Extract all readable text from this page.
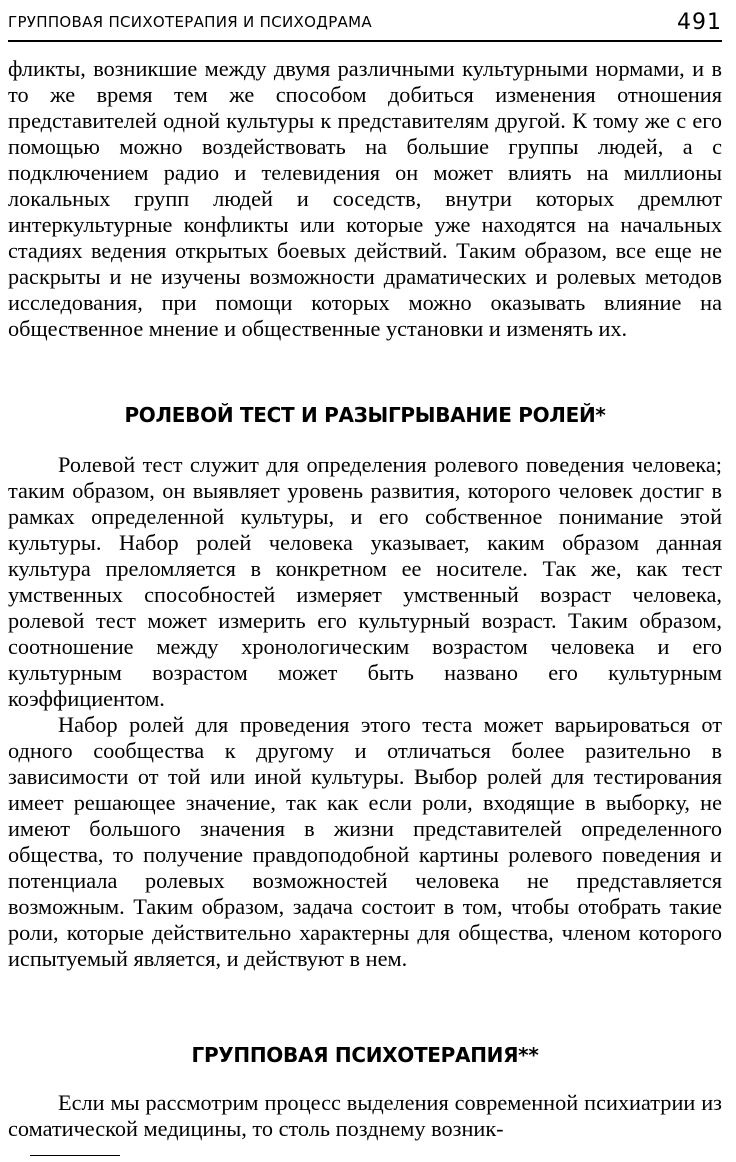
ГРУППОВАЯ ПСИХОТЕРАПИЯ И ПСИХОДРАМА	491

фликты, возникшие между двумя различными культурными нормами, и в то же время тем же способом добиться изменения отношения представителей одной культуры к представителям другой. К тому же с его помощью можно воздействовать на большие группы людей, а с подключением радио и телевидения он может влиять на миллионы локальных групп людей и соседств, внутри которых дремлют интеркультурные конфликты или которые уже находятся на начальных стадиях ведения открытых боевых действий. Таким образом, все еще не раскрыты и не изучены возможности драматических и ролевых методов исследования, при помощи которых можно оказывать влияние на общественное мнение и общественные установки и изменять их.

РОЛЕВОЙ ТЕСТ И РАЗЫГРЫВАНИЕ РОЛЕЙ*

Ролевой тест служит для определения ролевого поведения человека; таким образом, он выявляет уровень развития, которого человек достиг в рамках определенной культуры, и его собственное понимание этой культуры. Набор ролей человека указывает, каким образом данная культура преломляется в конкретном ее носителе. Так же, как тест умственных способностей измеряет умственный возраст человека, ролевой тест может измерить его культурный возраст. Таким образом, соотношение между хронологическим возрастом человека и его культурным возрастом может быть названо его культурным коэффициентом.

Набор ролей для проведения этого теста может варьироваться от одного сообщества к другому и отличаться более разительно в зависимости от той или иной культуры. Выбор ролей для тестирования имеет решающее значение, так как если роли, входящие в выборку, не имеют большого значения в жизни представителей определенного общества, то получение правдоподобной картины ролевого поведения и потенциала ролевых возможностей человека не представляется возможным. Таким образом, задача состоит в том, чтобы отобрать такие роли, которые действительно характерны для общества, членом которого испытуемый является, и действуют в нем.

ГРУППОВАЯ ПСИХОТЕРАПИЯ**

Если мы рассмотрим процесс выделения современной психиатрии из соматической медицины, то столь позднему возник-
